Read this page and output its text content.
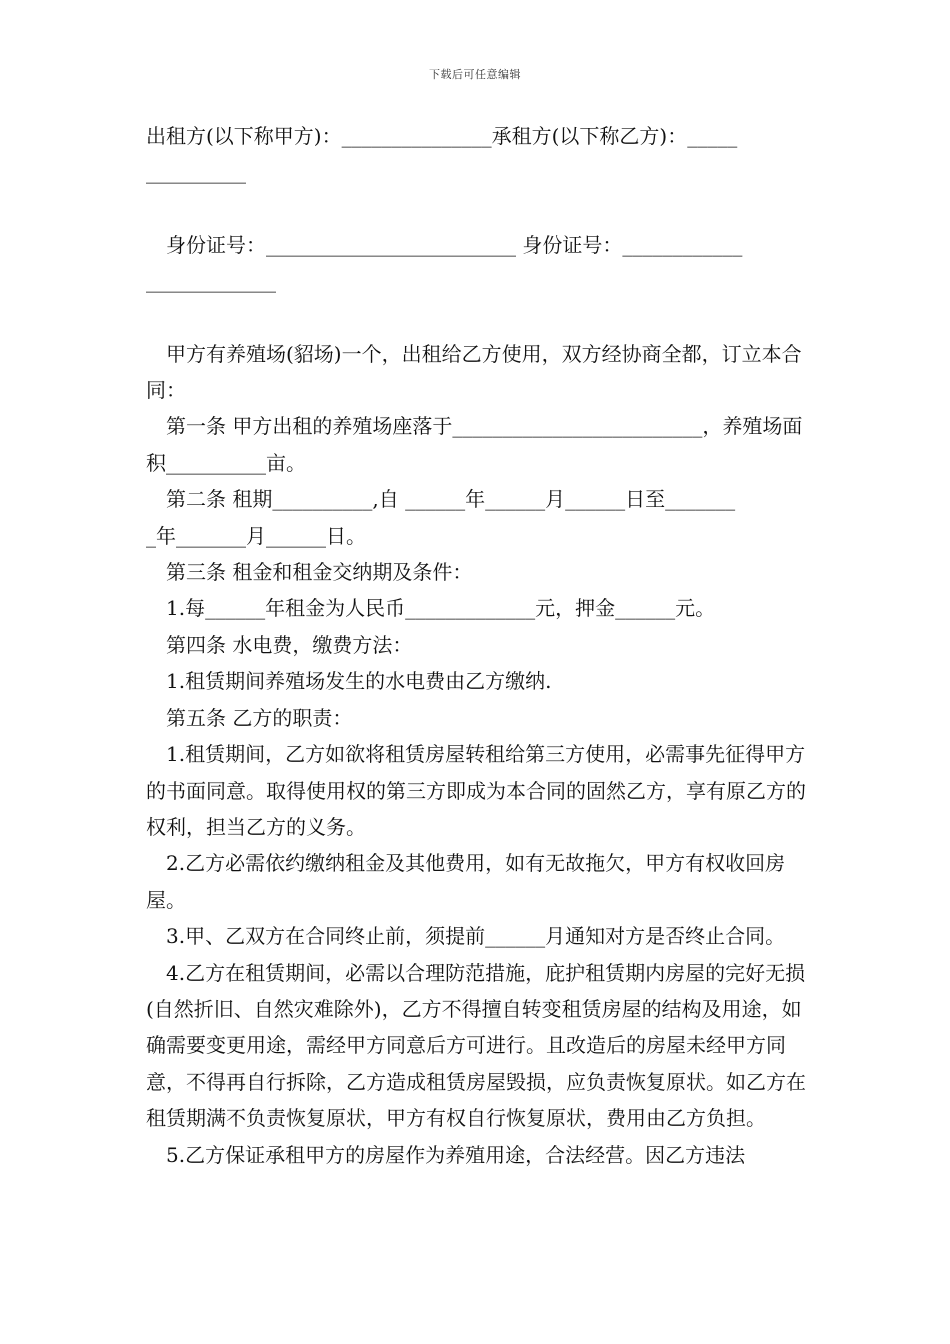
下载后可任意编辑

出租方(以下称甲方)：_______________承租方(以下称乙方)：_____
__________

身份证号：_________________________ 身份证号：____________
_____________

甲方有养殖场(貂场)一个，出租给乙方使用，双方经协商全都，订立本合同：

第一条 甲方出租的养殖场座落于_________________________，养殖场面积__________亩。

第二条 租期__________,自 ______年______月______日至_______
_年_______月______日。

第三条 租金和租金交纳期及条件：

1.每______年租金为人民币_____________元，押金______元。

第四条 水电费，缴费方法：

1.租赁期间养殖场发生的水电费由乙方缴纳.

第五条 乙方的职责：

1.租赁期间，乙方如欲将租赁房屋转租给第三方使用，必需事先征得甲方的书面同意。取得使用权的第三方即成为本合同的固然乙方，享有原乙方的权利，担当乙方的义务。

2.乙方必需依约缴纳租金及其他费用，如有无故拖欠，甲方有权收回房屋。

3.甲、乙双方在合同终止前，须提前______月通知对方是否终止合同。

4.乙方在租赁期间，必需以合理防范措施，庇护租赁期内房屋的完好无损(自然折旧、自然灾难除外)，乙方不得擅自转变租赁房屋的结构及用途，如确需要变更用途，需经甲方同意后方可进行。且改造后的房屋未经甲方同意，不得再自行拆除，乙方造成租赁房屋毁损，应负责恢复原状。如乙方在租赁期满不负责恢复原状，甲方有权自行恢复原状，费用由乙方负担。

5.乙方保证承租甲方的房屋作为养殖用途，合法经营。因乙方违法
